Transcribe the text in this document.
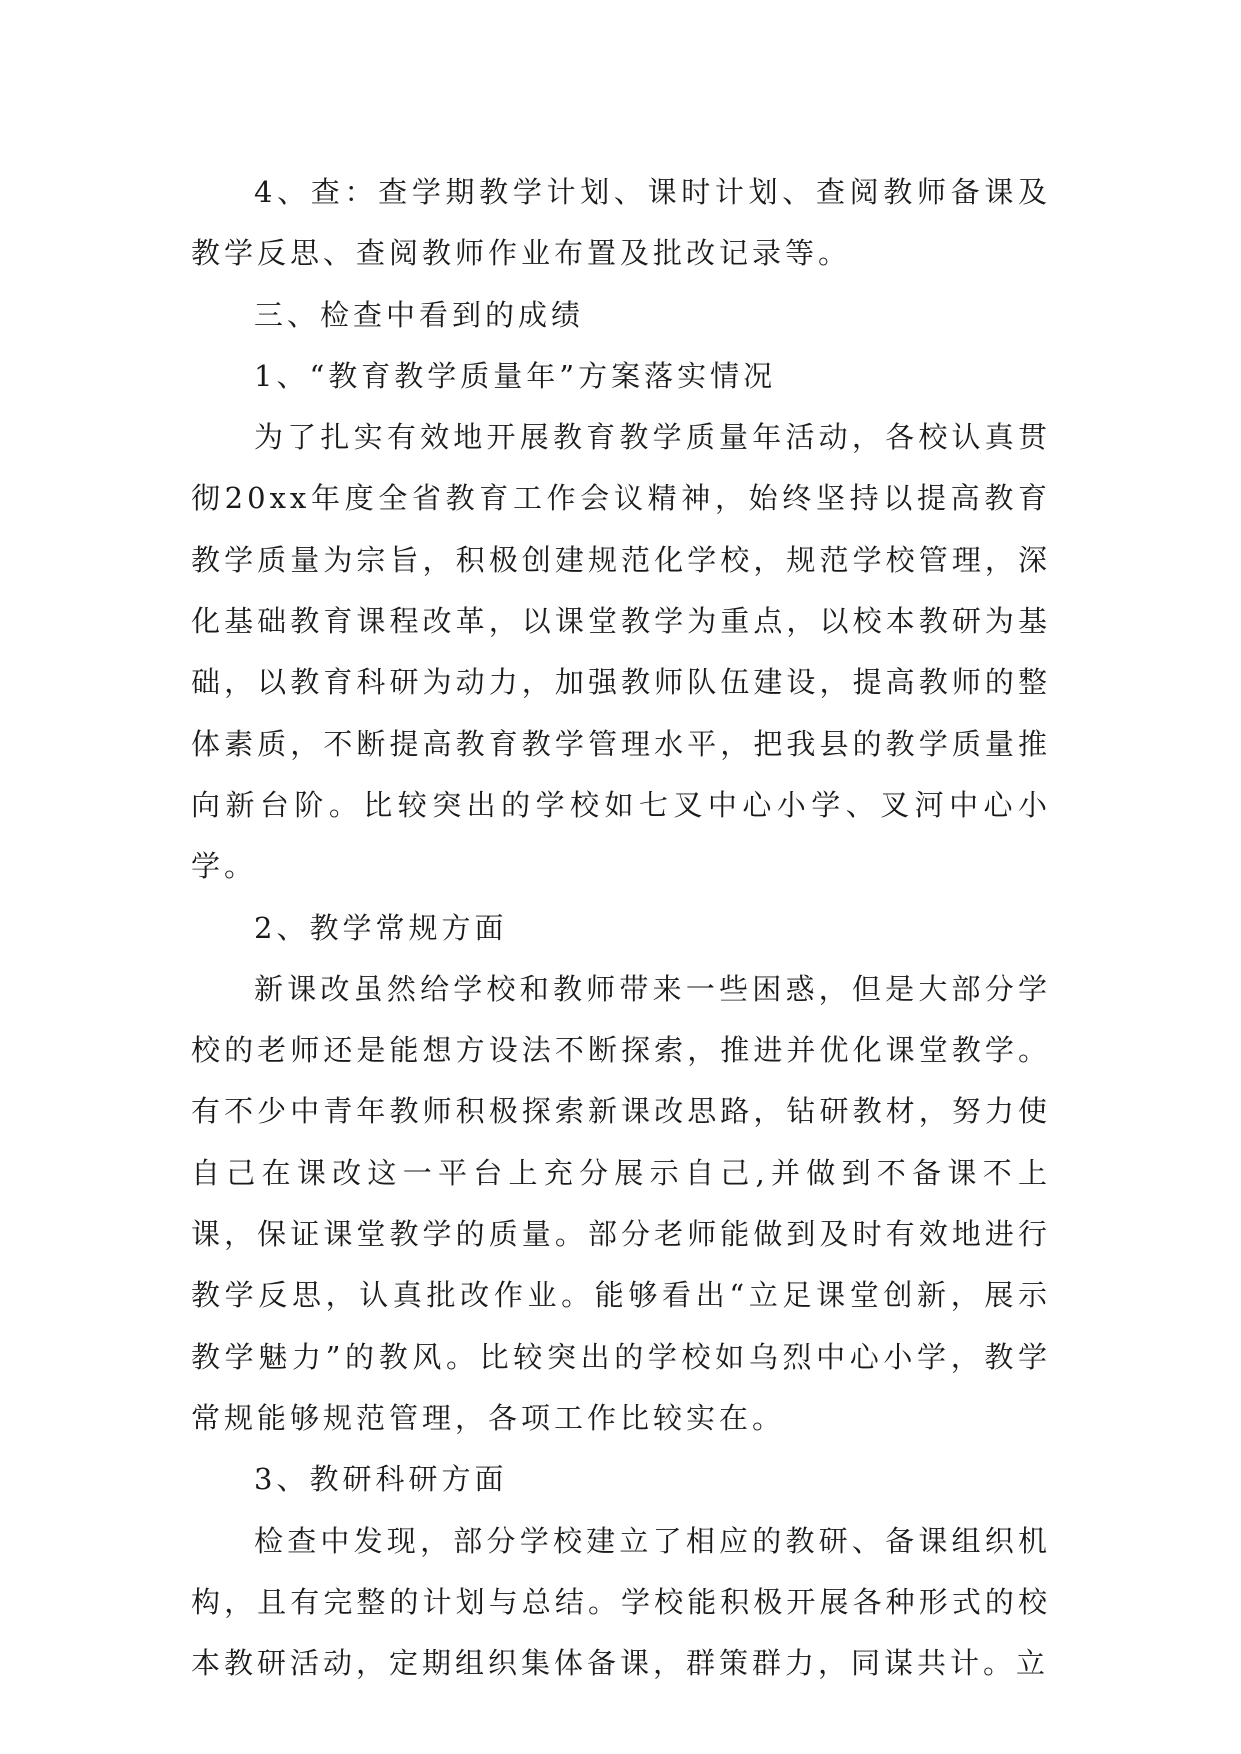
4、查：查学期教学计划、课时计划、查阅教师备课及教学反思、查阅教师作业布置及批改记录等。

三、检查中看到的成绩

1、“教育教学质量年”方案落实情况

为了扎实有效地开展教育教学质量年活动，各校认真贯彻20xx年度全省教育工作会议精神，始终坚持以提高教育教学质量为宗旨，积极创建规范化学校，规范学校管理，深化基础教育课程改革，以课堂教学为重点，以校本教研为基础，以教育科研为动力，加强教师队伍建设，提高教师的整体素质，不断提高教育教学管理水平，把我县的教学质量推向新台阶。比较突出的学校如七叉中心小学、叉河中心小学。

2、教学常规方面

新课改虽然给学校和教师带来一些困惑，但是大部分学校的老师还是能想方设法不断探索，推进并优化课堂教学。有不少中青年教师积极探索新课改思路，钻研教材，努力使自己在课改这一平台上充分展示自己,并做到不备课不上课，保证课堂教学的质量。部分老师能做到及时有效地进行教学反思，认真批改作业。能够看出“立足课堂创新，展示教学魅力”的教风。比较突出的学校如乌烈中心小学，教学常规能够规范管理，各项工作比较实在。

3、教研科研方面

检查中发现，部分学校建立了相应的教研、备课组织机构，且有完整的计划与总结。学校能积极开展各种形式的校本教研活动，定期组织集体备课，群策群力，同谋共计。立
